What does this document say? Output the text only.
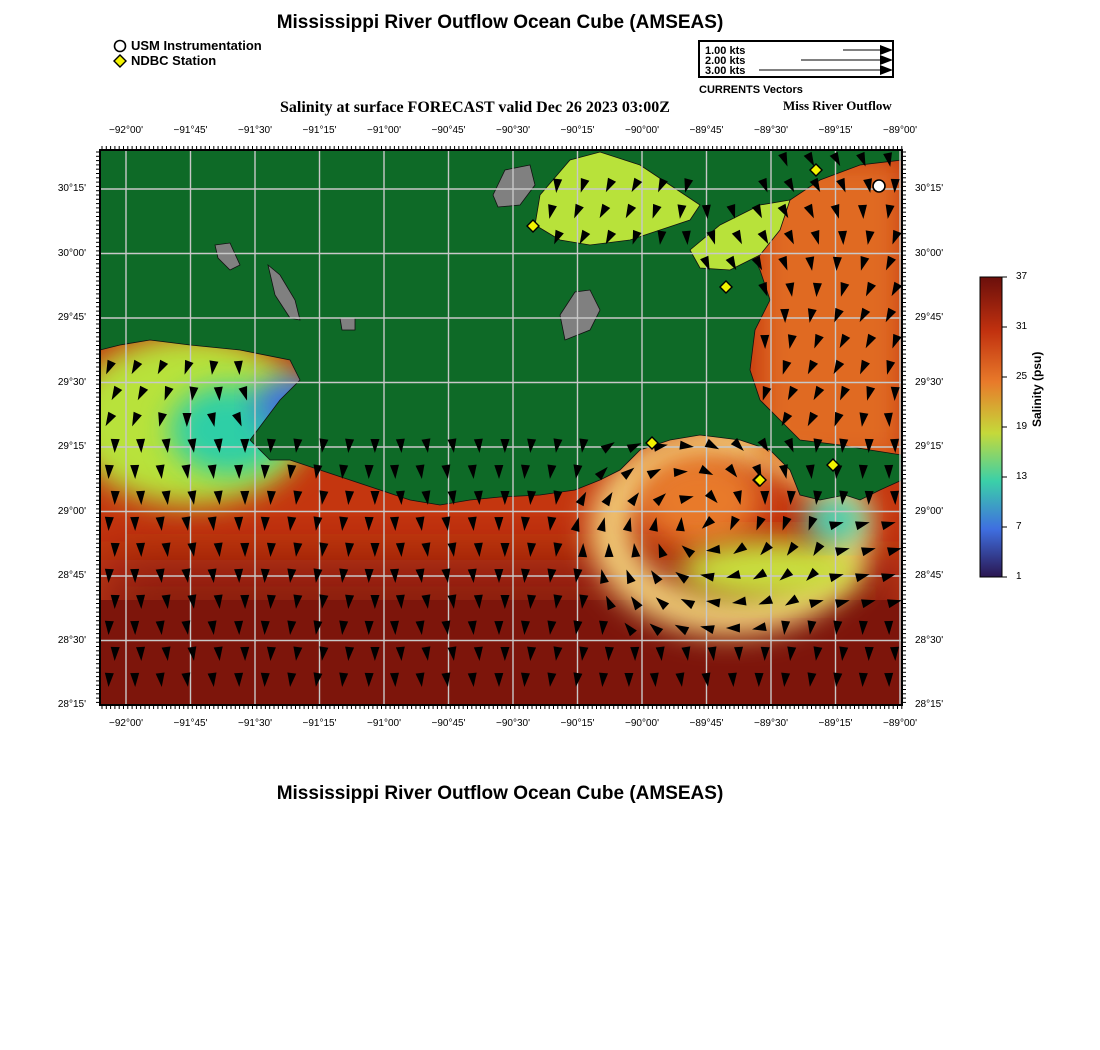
Mississippi River Outflow Ocean Cube (AMSEAS)
USM Instrumentation
NDBC Station
1.00 kts
2.00 kts
3.00 kts
CURRENTS Vectors
Salinity at surface FORECAST valid Dec 26 2023 03:00Z	Miss River Outflow
Salinity (psu)
Mississippi River Outflow Ocean Cube (AMSEAS)
−92°00'
−92°00'
−91°45'
−91°45'
−91°30'
−91°30'
−91°15'
−91°15'
−91°00'
−91°00'
−90°45'
−90°45'
−90°30'
−90°30'
−90°15'
−90°15'
−90°00'
−90°00'
−89°45'
−89°45'
−89°30'
−89°30'
−89°15'
−89°15'
−89°00'
−89°00'
30°15'	30°15'
30°00'	30°00'
29°45'	29°45'
29°30'	29°30'
29°15'	29°15'
29°00'	29°00'
28°45'	28°45'
28°30'	28°30'
28°15'	28°15'
37
31
25
19
13
7
1
